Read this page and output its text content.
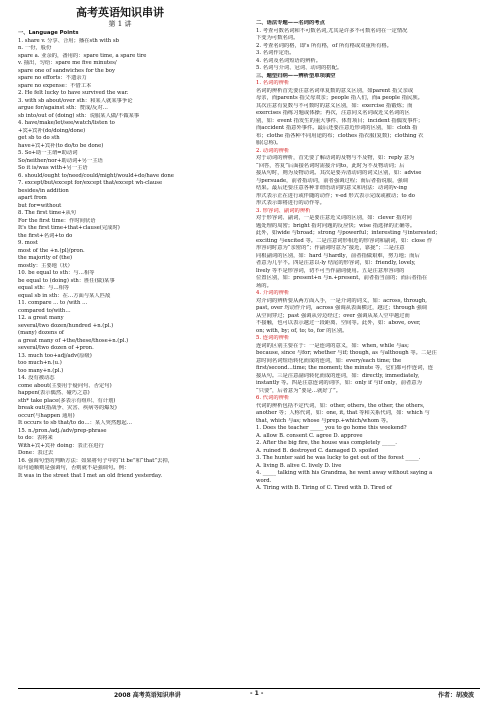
高考英语知识串讲
第 1 讲
一、Language Points
1. share v. 分享、合用；播在sth with sb
n. 一份，股份
spare a. 业余的，备用的：spare time, a spare tire
v. 抽出，匀给：spare me five minutes/
spare one of sandwiches for the boy
spare no efforts：不遗余力
spare no expense：不惜工本
2. He felt lucky to have survived the war.
3. with sb about/over sth：和某人就某事争论
argue for/against sth：赞成/反对…
sb into/out of (doing) sth：说服某人做/不做某事
4. have/make/let/see/watch/listen to
+宾+宾补(do/doing/done)
get sb to do sth
have+宾+宾补(to do/to be done)
5. So+助一主谓=助动词
So/neither/nor+助动词+另一主语
So it is/was with+另一主语
6. should/ought to/need/could/might/would+do/have done
7. except/but/except for/except that/except wh-clause
besides/in addition
apart from
but for=without
8. The first time+从句
For the first time：作时间状语
It's the first time+that+clause(完成时)
the first+名词+to do
9. most
most of the +n.(pl)/pron.
the majority of (the)
mostly：主要地（状）
10. be equal to sth：与…相等
be equal to (doing) sth：胜任(做)某事
equal sth：与…相等
equal sb in sth：在…方面与某人匹敌
11. compare ... to /with ...
compared to/with…
12. a great many
several/two dozen/hundred +n.(pl.)
(many) dozens of
a great many of +the/these/those+n.(pl.)
several/two dozen of +pron.
13. much too+adj/adv(原级)
too much+n.(u.)
too many+n.(pl.)
14. 没有被动态
come about(主要用于疑问句、否定句)
happen(表示偶然、碰巧之意)
sth* take place(多表示有组织、有计划)
break out(指战争、灾害、疾病等的爆发)
occur(与happen 通用)
It occurs to sb that/to do…：某人突然想起…
15. n./pron./adj./adv/prep-phrase
to do：表将来
With+宾+宾补 doing：表正在进行
Done：表过去
16. 强调句型的判断方法：如果将句子中的“it be”和“that”去掉，
原句通顺则是强调句，否则就不是强调句。例：
It was in the street that I met an old friend yesterday.
二、语法专题——名词的考点
1. 考查可数名词和不可数名词,尤其是许多不可数名词在一定情况
下变为可数名词。
2. 考查名词的格，即's 所有格，of 所有格或双重所有格。
3. 名词作定语。
4. 名词及名词短语的辨析。
5. 名词与介词、冠词、动词的搭配。
三、题型归纳——辨析型单项填空
1. 名词的辨析
名词的辨析首先要注意名词单复数的意义区别，如parent 指父亲或
母亲，而parents 指父母双亲；people 指人们，而a people 指民族。
其次注意有复数与不可数时的意义区别，如：exercise 指锻炼；而
exercises 指练习题或体操；再次，注意同义名词或近义名词的区
别，如：event 指发生的重大事件、体育项目；incident 指偶发事件；
而accident 指意外事件。最后还要注意近形词的区别，如：cloth 指
布；clothe 指各种不同用途的布；clothes 指衣服(复数)；clothing 衣
服(总称)。
2. 动词的辨析
对于动词的辨析，首先要了解动词的及物与不及物，如：reply 意为
“回答，答复”后面接名词时需接介词to，此时为不及物动词；后
接从句时，则为及物动词。其次是要弄清动词的词义区别，如：advise
与persuade，前者指动词，前者强调过程；而后者指说服，强调
结果。最后还要注意各种非谓语动词的意义和用法：动词的v-ing
形式表示正在进行或伴随的动作；v-ed 形式表示完成或被动；to do
形式表示即将进行的动作等。
3. 形容词、副词的辨析
对于形容词、副词，一是要注意近义词的区别，如：clever 指对问
题处理的周密；bright 指对问题的反应快；wise 指选择的正确等。
此外，如wide 与broad；strong 与powerful；interesting 与interested；
exciting 与excited 等。二是注意词形相近的形容词和副词，如：close 作
形容词时意为“亲密的”；作副词时意为“接近，靠拢”；二是注意
同根副词的区别，如：hard 与hardly，前者指做艰难，努力地；而后
者意为几乎不。四是注意以-ly 结尾的形容词，如：friendly, lovely,
lively 等不是形容词，切不可当作副词使用。五是注意形容词的
位置区别，如：present+n 与n.+present，前者指当前的；而后者指在
场的。
4. 介词的辨析
对介词的辨析要从两方面入手，一是介词的词义，如：across, through,
past, over 均动作介词，across 强调从表面横过，越过；through 强调
从空间穿过；past 强调从旁边经过；over 强调从某人空中越过而
不接触，也可以表示越过一段距离、空间等。此外，如：above, over,
on; with, by; of, to; to, for 的区别。
5. 连词的辨析
连词的区别主要在于：一是连词的意义，如：when, while 与as;
because, since 与for; whether 与if; though, as 与although 等。二是注
意时间名词短语转化而成的连词，如：every/each time; the
first/second…time; the moment; the minute 等，它们都可作连词，连
接从句。三是注意副词转化而成的连词，如：directly, immediately,
instantly 等。四是注意连词的词序，如：only if 与if only，前者意为
“只要”，后者意为“要是…就好了”。
6. 代词的辨析
代词的辨析包括不定代词，如：other, others, the other, the others,
another 等；人称代词，如：one, it, that 等和关系代词，如：which 与
that, which 与as; whose 与prep.+which/whom 等。
1. Does the teacher _____ you to go home this weekend?
A. allow B. consent C. agree D. approve
2. After the big fire, the house was completely _____.
A. ruined B. destroyed C. damaged D. spoiled
3. The hunter said he was lucky to get out of the forest _____.
A. living B. alive C. lively D. live
4. _____ talking with his Grandma, he went away without saying a
word.
A. Tiring with B. Tiring of C. Tired with D. Tired of
2008 高考英语知识串讲	- 1 -	作者：胡凌波
